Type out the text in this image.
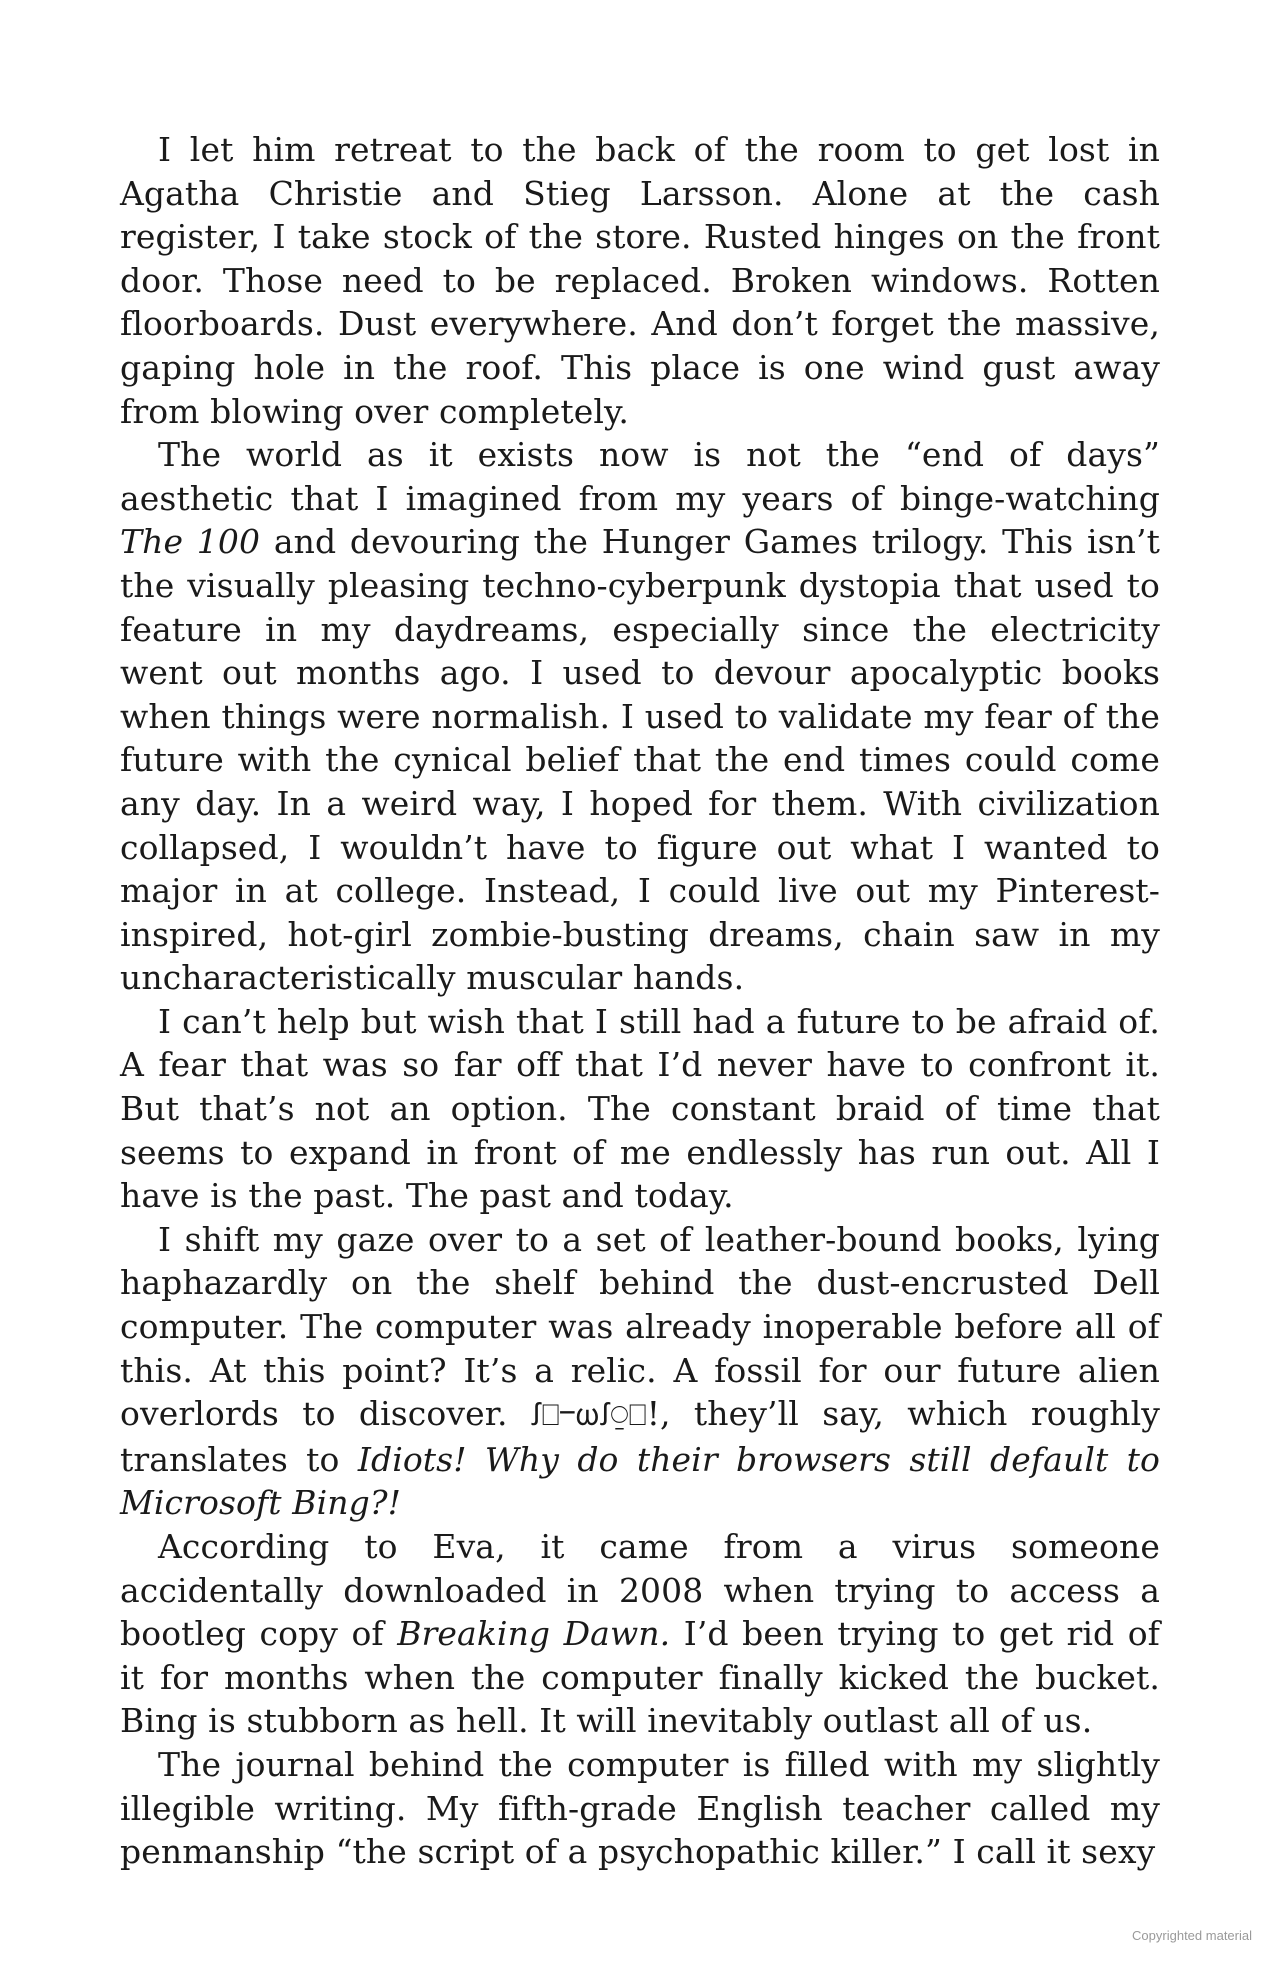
I let him retreat to the back of the room to get lost in Agatha Christie and Stieg Larsson. Alone at the cash register, I take stock of the store. Rusted hinges on the front door. Those need to be replaced. Broken windows. Rotten floorboards. Dust everywhere. And don’t forget the massive, gaping hole in the roof. This place is one wind gust away from blowing over completely.

The world as it exists now is not the “end of days” aesthetic that I imagined from my years of binge-watching The 100 and devouring the Hunger Games trilogy. This isn’t the visually pleasing techno-cyberpunk dystopia that used to feature in my daydreams, especially since the electricity went out months ago. I used to devour apocalyptic books when things were normalish. I used to validate my fear of the future with the cynical belief that the end times could come any day. In a weird way, I hoped for them. With civilization collapsed, I wouldn’t have to figure out what I wanted to major in at college. Instead, I could live out my Pinterest-inspired, hot-girl zombie-busting dreams, chain saw in my uncharacteristically muscular hands.

I can’t help but wish that I still had a future to be afraid of. A fear that was so far off that I’d never have to confront it. But that’s not an option. The constant braid of time that seems to expand in front of me endlessly has run out. All I have is the past. The past and today.

I shift my gaze over to a set of leather-bound books, lying haphazardly on the shelf behind the dust-encrusted Dell computer. The computer was already inoperable before all of this. At this point? It’s a relic. A fossil for our future alien overlords to discover. ꭍ⎕ⲻⲱꭍ⍜⎕!, they’ll say, which roughly translates to Idiots! Why do their browsers still default to Microsoft Bing?!

According to Eva, it came from a virus someone accidentally downloaded in 2008 when trying to access a bootleg copy of Breaking Dawn. I’d been trying to get rid of it for months when the computer finally kicked the bucket. Bing is stubborn as hell. It will inevitably outlast all of us.

The journal behind the computer is filled with my slightly illegible writing. My fifth-grade English teacher called my penmanship “the script of a psychopathic killer.” I call it sexy

Copyrighted material
